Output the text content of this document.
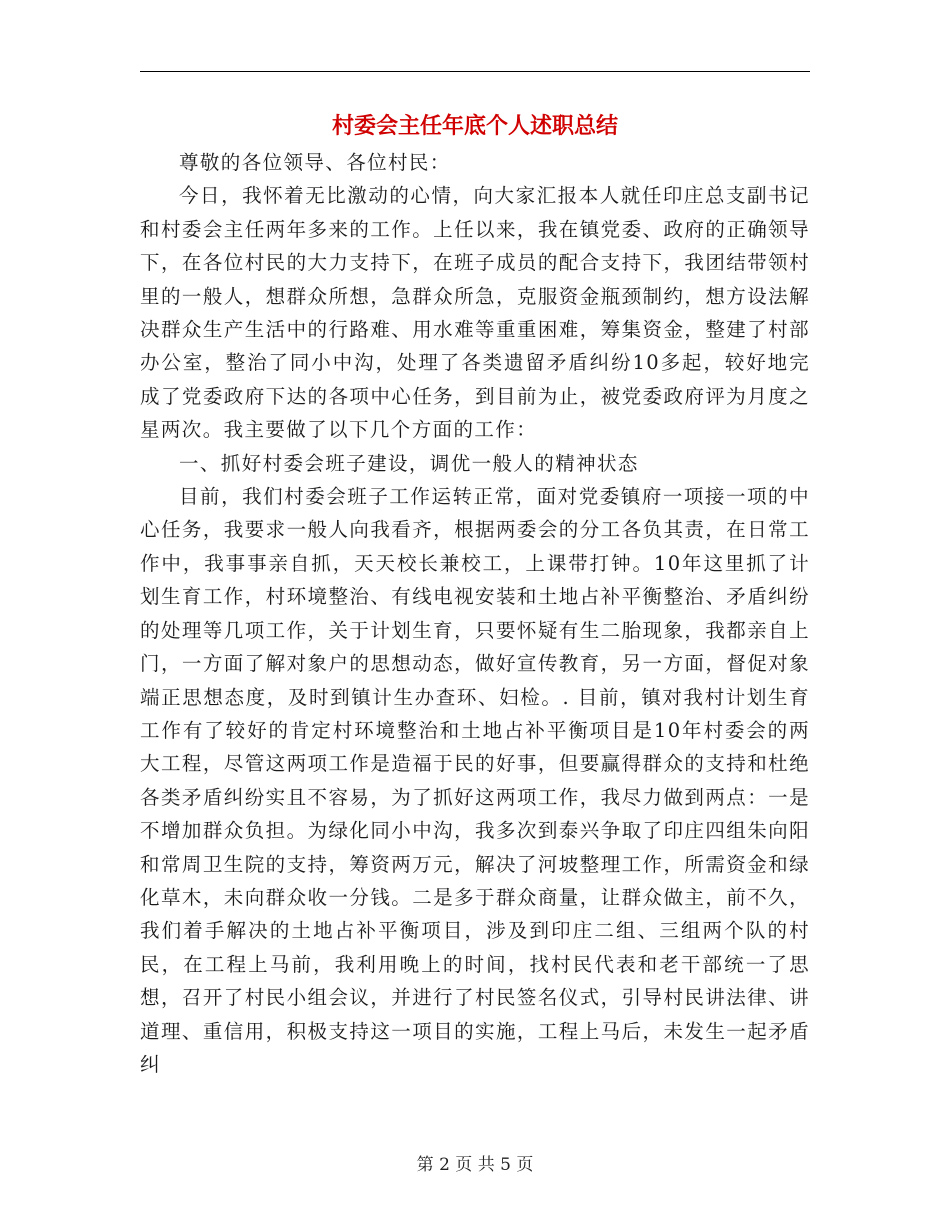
村委会主任年底个人述职总结

尊敬的各位领导、各位村民：

今日，我怀着无比激动的心情，向大家汇报本人就任印庄总支副书记和村委会主任两年多来的工作。上任以来，我在镇党委、政府的正确领导下，在各位村民的大力支持下，在班子成员的配合支持下，我团结带领村里的一般人，想群众所想，急群众所急，克服资金瓶颈制约，想方设法解决群众生产生活中的行路难、用水难等重重困难，筹集资金，整建了村部办公室，整治了同小中沟，处理了各类遗留矛盾纠纷10多起，较好地完成了党委政府下达的各项中心任务，到目前为止，被党委政府评为月度之星两次。我主要做了以下几个方面的工作：

一、抓好村委会班子建设，调优一般人的精神状态

目前，我们村委会班子工作运转正常，面对党委镇府一项接一项的中心任务，我要求一般人向我看齐，根据两委会的分工各负其责，在日常工作中，我事事亲自抓，天天校长兼校工，上课带打钟。10年这里抓了计划生育工作，村环境整治、有线电视安装和土地占补平衡整治、矛盾纠纷的处理等几项工作，关于计划生育，只要怀疑有生二胎现象，我都亲自上门，一方面了解对象户的思想动态，做好宣传教育，另一方面，督促对象端正思想态度，及时到镇计生办查环、妇检。. 目前，镇对我村计划生育工作有了较好的肯定村环境整治和土地占补平衡项目是10年村委会的两大工程，尽管这两项工作是造福于民的好事，但要赢得群众的支持和杜绝各类矛盾纠纷实且不容易，为了抓好这两项工作，我尽力做到两点：一是不增加群众负担。为绿化同小中沟，我多次到泰兴争取了印庄四组朱向阳和常周卫生院的支持，筹资两万元，解决了河坡整理工作，所需资金和绿化草木，未向群众收一分钱。二是多于群众商量，让群众做主，前不久，我们着手解决的土地占补平衡项目，涉及到印庄二组、三组两个队的村民，在工程上马前，我利用晚上的时间，找村民代表和老干部统一了思想，召开了村民小组会议，并进行了村民签名仪式，引导村民讲法律、讲道理、重信用，积极支持这一项目的实施，工程上马后，未发生一起矛盾纠

第 2 页 共 5 页
